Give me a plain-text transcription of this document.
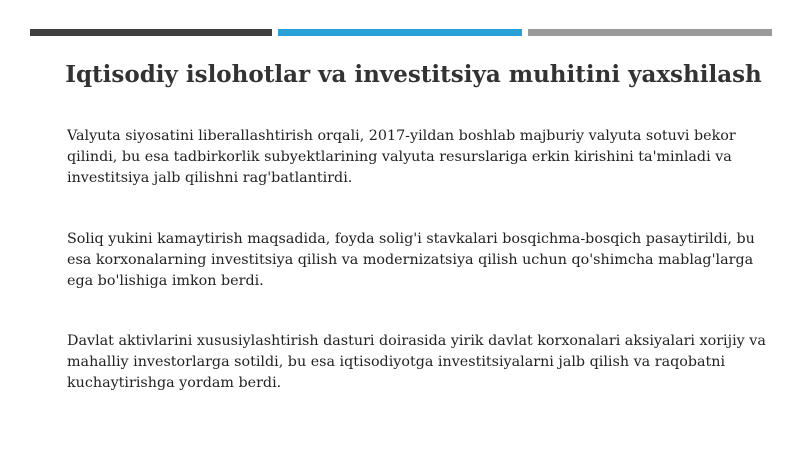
Iqtisodiy islohotlar va investitsiya muhitini yaxshilash

Valyuta siyosatini liberallashtirish orqali, 2017-yildan boshlab majburiy valyuta sotuvi bekor qilindi, bu esa tadbirkorlik subyektlarining valyuta resurslariga erkin kirishini ta'minladi va investitsiya jalb qilishni rag'batlantirdi.

Soliq yukini kamaytirish maqsadida, foyda solig'i stavkalari bosqichma-bosqich pasaytirildi, bu esa korxonalarning investitsiya qilish va modernizatsiya qilish uchun qo'shimcha mablag'larga ega bo'lishiga imkon berdi.

Davlat aktivlarini xususiylashtirish dasturi doirasida yirik davlat korxonalari aksiyalari xorijiy va mahalliy investorlarga sotildi, bu esa iqtisodiyotga investitsiyalarni jalb qilish va raqobatni kuchaytirishga yordam berdi.
